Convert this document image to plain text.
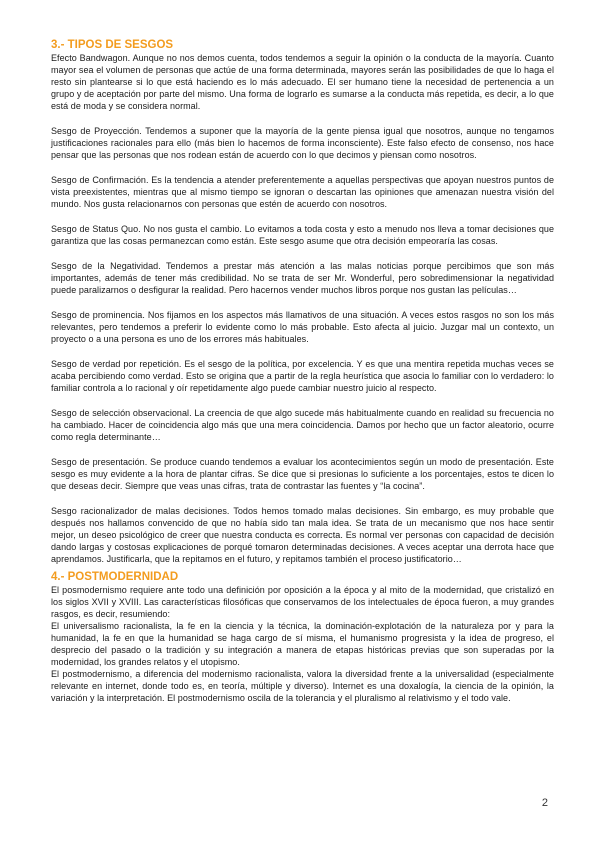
3.- TIPOS DE SESGOS

Efecto Bandwagon. Aunque no nos demos cuenta, todos tendemos a seguir la opinión o la conducta de la mayoría. Cuanto mayor sea el volumen de personas que actúe de una forma determinada, mayores serán las posibilidades de que lo haga el resto sin plantearse si lo que está haciendo es lo más adecuado. El ser humano tiene la necesidad de pertenencia a un grupo y de aceptación por parte del mismo. Una forma de lograrlo es sumarse a la conducta más repetida, es decir, a lo que está de moda y se considera normal.

Sesgo de Proyección. Tendemos a suponer que la mayoría de la gente piensa igual que nosotros, aunque no tengamos justificaciones racionales para ello (más bien lo hacemos de forma inconsciente). Este falso efecto de consenso, nos hace pensar que las personas que nos rodean están de acuerdo con lo que decimos y piensan como nosotros.

Sesgo de Confirmación. Es la tendencia a atender preferentemente a aquellas perspectivas que apoyan nuestros puntos de vista preexistentes, mientras que al mismo tiempo se ignoran o descartan las opiniones que amenazan nuestra visión del mundo. Nos gusta relacionarnos con personas que estén de acuerdo con nosotros.

Sesgo de Status Quo. No nos gusta el cambio. Lo evitamos a toda costa y esto a menudo nos lleva a tomar decisiones que garantiza que las cosas permanezcan como están. Este sesgo asume que otra decisión empeoraría las cosas.

Sesgo de la Negatividad. Tendemos a prestar más atención a las malas noticias porque percibimos que son más importantes, además de tener más credibilidad. No se trata de ser Mr. Wonderful, pero sobredimensionar la negatividad puede paralizarnos o desfigurar la realidad. Pero hacernos vender muchos libros porque nos gustan las películas…

Sesgo de prominencia. Nos fijamos en los aspectos más llamativos de una situación. A veces estos rasgos no son los más relevantes, pero tendemos a preferir lo evidente como lo más probable. Esto afecta al juicio. Juzgar mal un contexto, un proyecto o a una persona es uno de los errores más habituales.

Sesgo de verdad por repetición. Es el sesgo de la política, por excelencia. Y es que una mentira repetida muchas veces se acaba percibiendo como verdad. Esto se origina que a partir de la regla heurística que asocia lo familiar con lo verdadero: lo familiar controla a lo racional y oír repetidamente algo puede cambiar nuestro juicio al respecto.

Sesgo de selección observacional. La creencia de que algo sucede más habitualmente cuando en realidad su frecuencia no ha cambiado. Hacer de coincidencia algo más que una mera coincidencia. Damos por hecho que un factor aleatorio, ocurre como regla determinante…

Sesgo de presentación. Se produce cuando tendemos a evaluar los acontecimientos según un modo de presentación. Este sesgo es muy evidente a la hora de plantar cifras. Se dice que si presionas lo suficiente a los porcentajes, estos te dicen lo que deseas decir. Siempre que veas unas cifras, trata de contrastar las fuentes y “la cocina”.

Sesgo racionalizador de malas decisiones. Todos hemos tomado malas decisiones. Sin embargo, es muy probable que después nos hallamos convencido de que no había sido tan mala idea. Se trata de un mecanismo que nos hace sentir mejor, un deseo psicológico de creer que nuestra conducta es correcta. Es normal ver personas con capacidad de decisión dando largas y costosas explicaciones de porqué tomaron determinadas decisiones. A veces aceptar una derrota hace que aprendamos. Justificarla, que la repitamos en el futuro, y repitamos también el proceso justificatorio…

4.- POSTMODERNIDAD

El posmodernismo requiere ante todo una definición por oposición a la época y al mito de la modernidad, que cristalizó en los siglos XVII y XVIII. Las características filosóficas que conservamos de los intelectuales de época fueron, a muy grandes rasgos, es decir, resumiendo:

El universalismo racionalista, la fe en la ciencia y la técnica, la dominación-explotación de la naturaleza por y para la humanidad, la fe en que la humanidad se haga cargo de sí misma, el humanismo progresista y la idea de progreso, el desprecio del pasado o la tradición y su integración a manera de etapas históricas previas que son superadas por la modernidad, los grandes relatos y el utopismo.

El postmodernismo, a diferencia del modernismo racionalista, valora la diversidad frente a la universalidad (especialmente relevante en internet, donde todo es, en teoría, múltiple y diverso). Internet es una doxalogía, la ciencia de la opinión, la variación y la interpretación. El postmodernismo oscila de la tolerancia y el pluralismo al relativismo y el todo vale.

2
